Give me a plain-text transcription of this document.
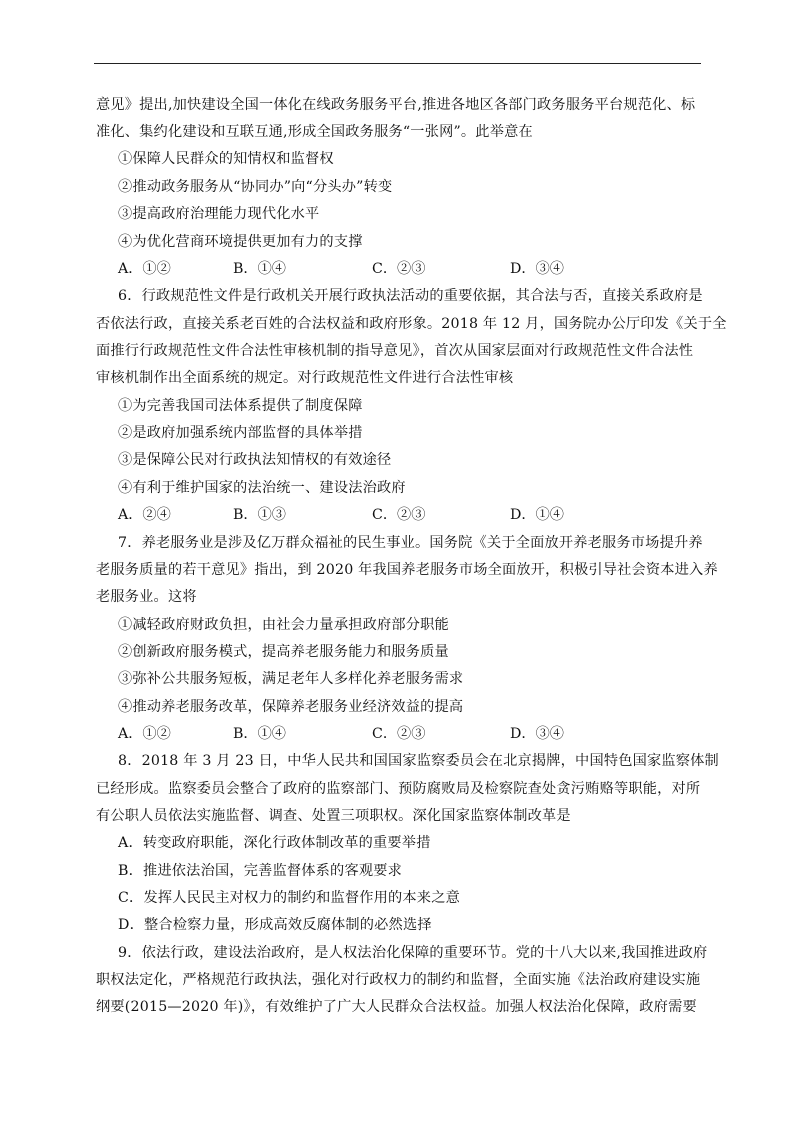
意见》提出,加快建设全国一体化在线政务服务平台,推进各地区各部门政务服务平台规范化、标
准化、集约化建设和互联互通,形成全国政务服务“一张网”。此举意在
①保障人民群众的知情权和监督权
②推动政务服务从“协同办”向“分头办”转变
③提高政府治理能力现代化水平
④为优化营商环境提供更加有力的支撑
A．①②	B．①④	C．②③	D．③④
6．行政规范性文件是行政机关开展行政执法活动的重要依据，其合法与否，直接关系政府是
否依法行政，直接关系老百姓的合法权益和政府形象。2018 年 12 月，国务院办公厅印发《关于全
面推行行政规范性文件合法性审核机制的指导意见》，首次从国家层面对行政规范性文件合法性
审核机制作出全面系统的规定。对行政规范性文件进行合法性审核
①为完善我国司法体系提供了制度保障
②是政府加强系统内部监督的具体举措
③是保障公民对行政执法知情权的有效途径
④有利于维护国家的法治统一、建设法治政府
A．②④	B．①③	C．②③	D．①④
7．养老服务业是涉及亿万群众福祉的民生事业。国务院《关于全面放开养老服务市场提升养
老服务质量的若干意见》指出，到 2020 年我国养老服务市场全面放开，积极引导社会资本进入养
老服务业。这将
①减轻政府财政负担，由社会力量承担政府部分职能
②创新政府服务模式，提高养老服务能力和服务质量
③弥补公共服务短板，满足老年人多样化养老服务需求
④推动养老服务改革，保障养老服务业经济效益的提高
A．①②	B．①④	C．②③	D．③④
8．2018 年 3 月 23 日，中华人民共和国国家监察委员会在北京揭牌，中国特色国家监察体制
已经形成。监察委员会整合了政府的监察部门、预防腐败局及检察院查处贪污贿赂等职能，对所
有公职人员依法实施监督、调查、处置三项职权。深化国家监察体制改革是
A．转变政府职能，深化行政体制改革的重要举措
B．推进依法治国，完善监督体系的客观要求
C．发挥人民民主对权力的制约和监督作用的本来之意
D．整合检察力量，形成高效反腐体制的必然选择
9．依法行政，建设法治政府，是人权法治化保障的重要环节。党的十八大以来,我国推进政府
职权法定化，严格规范行政执法，强化对行政权力的制约和监督，全面实施《法治政府建设实施
纲要(2015—2020 年)》，有效维护了广大人民群众合法权益。加强人权法治化保障，政府需要
